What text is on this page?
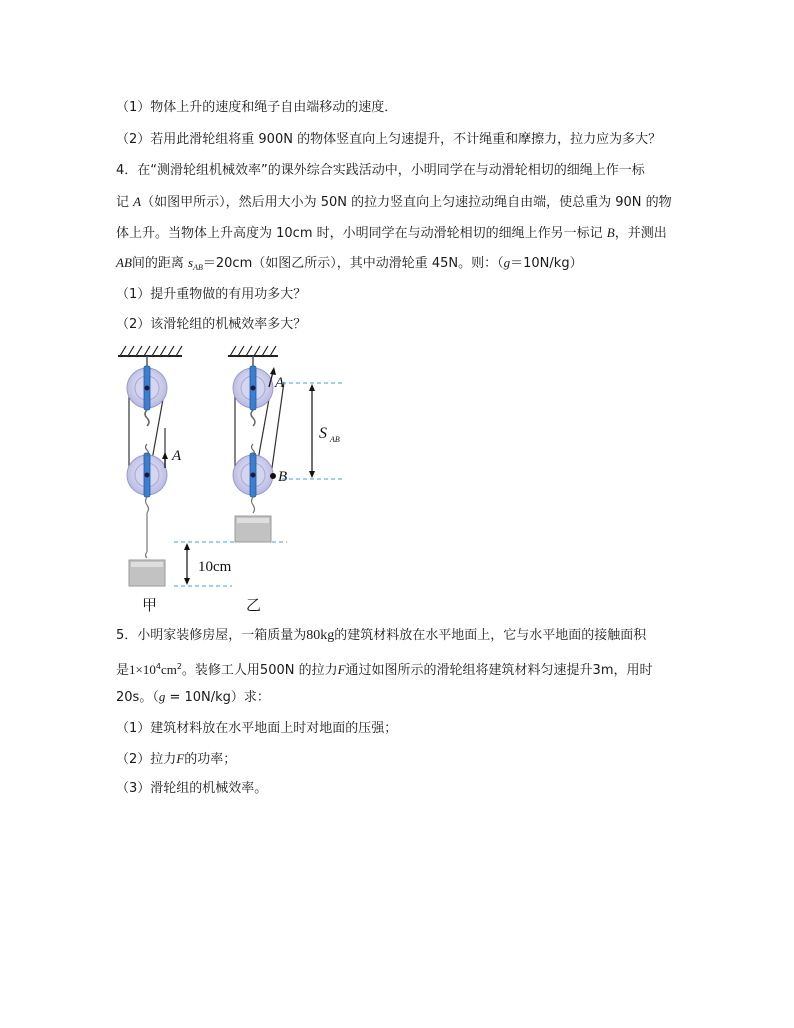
（1）物体上升的速度和绳子自由端移动的速度．
（2）若用此滑轮组将重 900N 的物体竖直向上匀速提升，不计绳重和摩擦力，拉力应为多大？
4．在“测滑轮组机械效率”的课外综合实践活动中，小明同学在与动滑轮相切的细绳上作一标
记 A（如图甲所示），然后用大小为 50N 的拉力竖直向上匀速拉动绳自由端，使总重为 90N 的物
体上升。当物体上升高度为 10cm 时，小明同学在与动滑轮相切的细绳上作另一标记 B，并测出
AB间的距离 $s_{AB}=20cm$（如图乙所示），其中动滑轮重 45N。则：（g＝10N/kg）
（1）提升重物做的有用功多大？
（2）该滑轮组的机械效率多大？
A
10cm
甲
A
B
S AB
乙
5．小明家装修房屋，一箱质量为80kg的建筑材料放在水平地面上，它与水平地面的接触面积
是$1\times 10^4cm^2$。装修工人用500N 的拉力F通过如图所示的滑轮组将建筑材料匀速提升3m，用时
20s。（g = 10N/kg）求：
（1）建筑材料放在水平地面上时对地面的压强；
（2）拉力F的功率；
（3）滑轮组的机械效率。
